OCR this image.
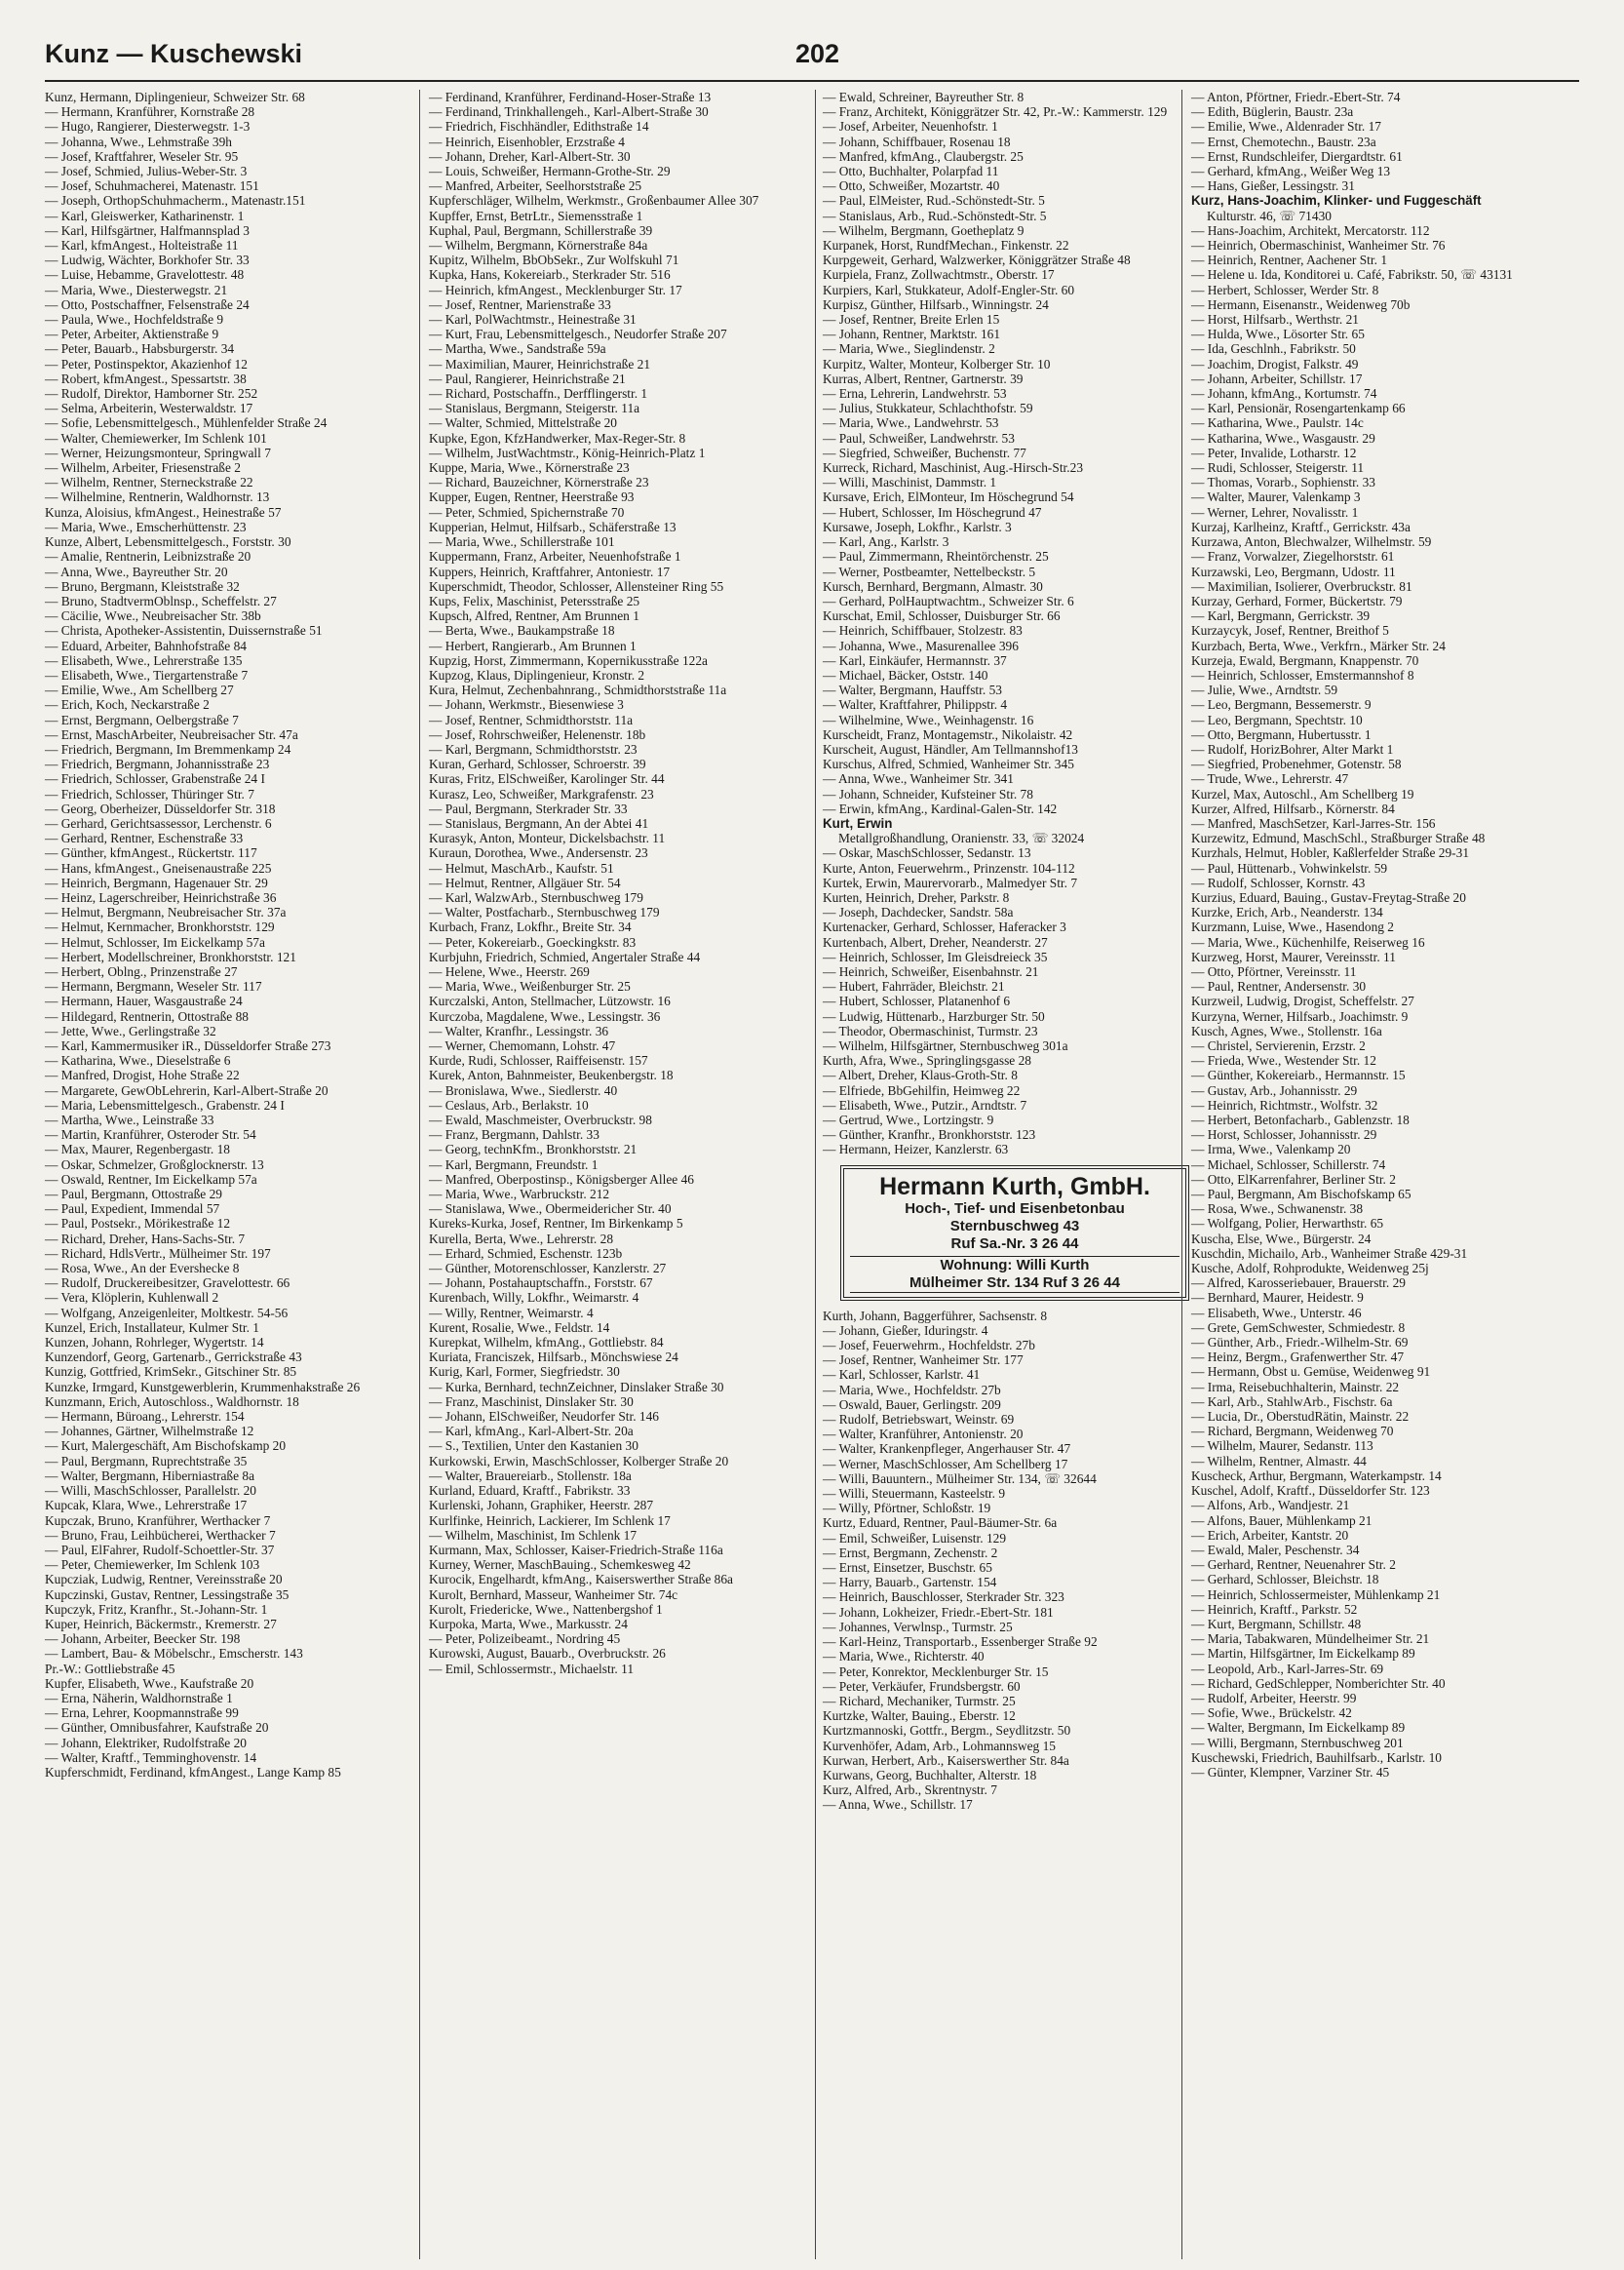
Kunz — Kuschewski	202
Kunz, Hermann, Diplingenieur, Schweizer Str. 68
— Hermann, Kranführer, Kornstraße 28
— Hugo, Rangierer, Diesterwegstr. 1-3
— Johanna, Wwe., Lehmstraße 39h
— Josef, Kraftfahrer, Weseler Str. 95
— Josef, Schmied, Julius-Weber-Str. 3
— Josef, Schuhmacherei, Matenastr. 151
— Joseph, OrthopSchuhmacherm., Matenastr.151
— Karl, Gleiswerker, Katharinenstr. 1
— Karl, Hilfsgärtner, Halfmannsplad 3
— Karl, kfmAngest., Holteistraße 11
— Ludwig, Wächter, Borkhofer Str. 33
— Luise, Hebamme, Gravelottestr. 48
— Maria, Wwe., Diesterwegstr. 21
— Otto, Postschaffner, Felsenstraße 24
— Paula, Wwe., Hochfeldstraße 9
— Peter, Arbeiter, Aktienstraße 9
— Peter, Bauarb., Habsburgerstr. 34
— Peter, Postinspektor, Akazienhof 12
— Robert, kfmAngest., Spessartstr. 38
— Rudolf, Direktor, Hamborner Str. 252
— Selma, Arbeiterin, Westerwaldstr. 17
— Sofie, Lebensmittelgesch., Mühlenfelder Straße 24
— Walter, Chemiewerker, Im Schlenk 101
— Werner, Heizungsmonteur, Springwall 7
— Wilhelm, Arbeiter, Friesenstraße 2
— Wilhelm, Rentner, Sterneckstraße 22
— Wilhelmine, Rentnerin, Waldhornstr. 13
Kunza, Aloisius, kfmAngest., Heinestraße 57
— Maria, Wwe., Emscherhüttenstr. 23
Kunze, Albert, Lebensmittelgesch., Forststr. 30
— Amalie, Rentnerin, Leibnizstraße 20
— Anna, Wwe., Bayreuther Str. 20
— Bruno, Bergmann, Kleiststraße 32
— Bruno, StadtvermOblnsp., Scheffelstr. 27
— Cäcilie, Wwe., Neubreisacher Str. 38b
— Christa, Apotheker-Assistentin, Duissernstraße 51
— Eduard, Arbeiter, Bahnhofstraße 84
— Elisabeth, Wwe., Lehrerstraße 135
— Elisabeth, Wwe., Tiergartenstraße 7
— Emilie, Wwe., Am Schellberg 27
— Erich, Koch, Neckarstraße 2
— Ernst, Bergmann, Oelbergstraße 7
— Ernst, MaschArbeiter, Neubreisacher Str. 47a
— Friedrich, Bergmann, Im Bremmenkamp 24
— Friedrich, Bergmann, Johannisstraße 23
— Friedrich, Schlosser, Grabenstraße 24 I
— Friedrich, Schlosser, Thüringer Str. 7
— Georg, Oberheizer, Düsseldorfer Str. 318
— Gerhard, Gerichtsassessor, Lerchenstr. 6
— Gerhard, Rentner, Eschenstraße 33
— Günther, kfmAngest., Rückertstr. 117
— Hans, kfmAngest., Gneisenaustraße 225
— Heinrich, Bergmann, Hagenauer Str. 29
— Heinz, Lagerschreiber, Heinrichstraße 36
— Helmut, Bergmann, Neubreisacher Str. 37a
— Helmut, Kernmacher, Bronkhorststr. 129
— Helmut, Schlosser, Im Eickelkamp 57a
— Herbert, Modellschreiner, Bronkhorststr. 121
— Herbert, Oblng., Prinzenstraße 27
— Hermann, Bergmann, Weseler Str. 117
— Hermann, Hauer, Wasgaustraße 24
— Hildegard, Rentnerin, Ottostraße 88
— Jette, Wwe., Gerlingstraße 32
— Karl, Kammermusiker iR., Düsseldorfer Straße 273
— Katharina, Wwe., Dieselstraße 6
— Manfred, Drogist, Hohe Straße 22
— Margarete, GewObLehrerin, Karl-Albert-Straße 20
— Maria, Lebensmittelgesch., Grabenstr. 24 I
— Martha, Wwe., Leinstraße 33
— Martin, Kranführer, Osteroder Str. 54
— Max, Maurer, Regenbergastr. 18
— Oskar, Schmelzer, Großglocknerstr. 13
— Oswald, Rentner, Im Eickelkamp 57a
— Paul, Bergmann, Ottostraße 29
— Paul, Expedient, Immendal 57
— Paul, Postsekr., Mörikestraße 12
— Richard, Dreher, Hans-Sachs-Str. 7
— Richard, HdlsVertr., Mülheimer Str. 197
— Rosa, Wwe., An der Evershecke 8
— Rudolf, Druckereibesitzer, Gravelottestr. 66
— Vera, Klöplerin, Kuhlenwall 2
— Wolfgang, Anzeigenleiter, Moltkestr. 54-56
Kunzel, Erich, Installateur, Kulmer Str. 1
Kunzen, Johann, Rohrleger, Wygertstr. 14
Kunzendorf, Georg, Gartenarb., Gerrickstraße 43
Kunzig, Gottfried, KrimSekr., Gitschiner Str. 85
Kunzke, Irmgard, Kunstgewerblerin, Krummenhakstraße 26
Kunzmann, Erich, Autoschloss., Waldhornstr. 18
— Hermann, Büroang., Lehrerstr. 154
— Johannes, Gärtner, Wilhelmstraße 12
— Kurt, Malergeschäft, Am Bischofskamp 20
— Paul, Bergmann, Ruprechtstraße 35
— Walter, Bergmann, Hiberniastraße 8a
— Willi, MaschSchlosser, Parallelstr. 20
Kupcak, Klara, Wwe., Lehrerstraße 17
Kupczak, Bruno, Kranführer, Werthacker 7
— Bruno, Frau, Leihbücherei, Werthacker 7
— Paul, ElFahrer, Rudolf-Schoettler-Str. 37
— Peter, Chemiewerker, Im Schlenk 103
Kupcziak, Ludwig, Rentner, Vereinsstraße 20
Kupczinski, Gustav, Rentner, Lessingstraße 35
Kupczyk, Fritz, Kranfhr., St.-Johann-Str. 1
Kuper, Heinrich, Bäckermstr., Kremerstr. 27
— Johann, Arbeiter, Beecker Str. 198
— Lambert, Bau- & Möbelschr., Emscherstr. 143
Pr.-W.: Gottliebstraße 45
Kupfer, Elisabeth, Wwe., Kaufstraße 20
— Erna, Näherin, Waldhornstraße 1
— Erna, Lehrer, Koopmannstraße 99
— Günther, Omnibusfahrer, Kaufstraße 20
— Johann, Elektriker, Rudolfstraße 20
— Walter, Kraftf., Temminghovenstr. 14
Kupferschmidt, Ferdinand, kfmAngest., Lange Kamp 85
— Ferdinand, Kranführer, Ferdinand-Hoser-Straße 13
— Ferdinand, Trinkhallengeh., Karl-Albert-Straße 30
— Friedrich, Fischhändler, Edithstraße 14
— Heinrich, Eisenhobler, Erzstraße 4
— Johann, Dreher, Karl-Albert-Str. 30
— Louis, Schweißer, Hermann-Grothe-Str. 29
— Manfred, Arbeiter, Seelhorststraße 25
Kupferschläger, Wilhelm, Werkmstr., Großenbaumer Allee 307
Kupffer, Ernst, BetrLtr., Siemensstraße 1
Kuphal, Paul, Bergmann, Schillerstraße 39
— Wilhelm, Bergmann, Körnerstraße 84a
Kupitz, Wilhelm, BbObSekr., Zur Wolfskuhl 71
Kupka, Hans, Kokereiarb., Sterkrader Str. 516
— Heinrich, kfmAngest., Mecklenburger Str. 17
— Josef, Rentner, Marienstraße 33
— Karl, PolWachtmstr., Heinestraße 31
— Kurt, Frau, Lebensmittelgesch., Neudorfer Straße 207
— Martha, Wwe., Sandstraße 59a
— Maximilian, Maurer, Heinrichstraße 21
— Paul, Rangierer, Heinrichstraße 21
— Richard, Postschaffn., Derfflingerstr. 1
— Stanislaus, Bergmann, Steigerstr. 11a
— Walter, Schmied, Mittelstraße 20
Kupke, Egon, KfzHandwerker, Max-Reger-Str. 8
— Wilhelm, JustWachtmstr., König-Heinrich-Platz 1
Kuppe, Maria, Wwe., Körnerstraße 23
— Richard, Bauzeichner, Körnerstraße 23
Kupper, Eugen, Rentner, Heerstraße 93
— Peter, Schmied, Spichernstraße 70
Kupperian, Helmut, Hilfsarb., Schäferstraße 13
— Maria, Wwe., Schillerstraße 101
Kuppermann, Franz, Arbeiter, Neuenhofstraße 1
Kuppers, Heinrich, Kraftfahrer, Antoniestr. 17
Kuperschmidt, Theodor, Schlosser, Allensteiner Ring 55
Kups, Felix, Maschinist, Petersstraße 25
Kupsch, Alfred, Rentner, Am Brunnen 1
— Berta, Wwe., Baukampstraße 18
— Herbert, Rangierarb., Am Brunnen 1
Kupzig, Horst, Zimmermann, Kopernikusstraße 122a
Kupzog, Klaus, Diplingenieur, Kronstr. 2
Kura, Helmut, Zechenbahnrang., Schmidthorststraße 11a
— Johann, Werkmstr., Biesenwiese 3
— Josef, Rentner, Schmidthorststr. 11a
— Josef, Rohrschweißer, Helenenstr. 18b
— Karl, Bergmann, Schmidthorststr. 23
Kuran, Gerhard, Schlosser, Schroerstr. 39
Kuras, Fritz, ElSchweißer, Karolinger Str. 44
Kurasz, Leo, Schweißer, Markgrafenstr. 23
— Paul, Bergmann, Sterkrader Str. 33
— Stanislaus, Bergmann, An der Abtei 41
Kurasyk, Anton, Monteur, Dickelsbachstr. 11
Kuraun, Dorothea, Wwe., Andersenstr. 23
— Helmut, MaschArb., Kaufstr. 51
— Helmut, Rentner, Allgäuer Str. 54
— Karl, WalzwArb., Sternbuschweg 179
— Walter, Postfacharb., Sternbuschweg 179
Kurbach, Franz, Lokfhr., Breite Str. 34
— Peter, Kokereiarb., Goeckingkstr. 83
Kurbjuhn, Friedrich, Schmied, Angertaler Straße 44
— Helene, Wwe., Heerstr. 269
— Maria, Wwe., Weißenburger Str. 25
Kurczalski, Anton, Stellmacher, Lützowstr. 16
Kurczoba, Magdalene, Wwe., Lessingstr. 36
— Walter, Kranfhr., Lessingstr. 36
— Werner, Chemomann, Lohstr. 47
Kurde, Rudi, Schlosser, Raiffeisenstr. 157
Kurek, Anton, Bahnmeister, Beukenbergstr. 18
— Bronislawa, Wwe., Siedlerstr. 40
— Ceslaus, Arb., Berlakstr. 10
— Ewald, Maschmeister, Overbruckstr. 98
— Franz, Bergmann, Dahlstr. 33
— Georg, technKfm., Bronkhorststr. 21
— Karl, Bergmann, Freundstr. 1
— Manfred, Oberpostinsp., Königsberger Allee 46
— Maria, Wwe., Warbruckstr. 212
— Stanislawa, Wwe., Obermeidericher Str. 40
Kureks-Kurka, Josef, Rentner, Im Birkenkamp 5
Kurella, Berta, Wwe., Lehrerstr. 28
— Erhard, Schmied, Eschenstr. 123b
— Günther, Motorenschlosser, Kanzlerstr. 27
— Johann, Postahauptschaffn., Forststr. 67
Kurenbach, Willy, Lokfhr., Weimarstr. 4
— Willy, Rentner, Weimarstr. 4
Kurent, Rosalie, Wwe., Feldstr. 14
Kurepkat, Wilhelm, kfmAng., Gottliebstr. 84
Kuriata, Franciszek, Hilfsarb., Mönchswiese 24
Kurig, Karl, Former, Siegfriedstr. 30
— Kurka, Bernhard, technZeichner, Dinslaker Straße 30
— Franz, Maschinist, Dinslaker Str. 30
— Johann, ElSchweißer, Neudorfer Str. 146
— Karl, kfmAng., Karl-Albert-Str. 20a
— S., Textilien, Unter den Kastanien 30
Kurkowski, Erwin, MaschSchlosser, Kolberger Straße 20
— Walter, Brauereiarb., Stollenstr. 18a
Kurland, Eduard, Kraftf., Fabrikstr. 33
Kurlenski, Johann, Graphiker, Heerstr. 287
Kurlfinke, Heinrich, Lackierer, Im Schlenk 17
— Wilhelm, Maschinist, Im Schlenk 17
Kurmann, Max, Schlosser, Kaiser-Friedrich-Straße 116a
Kurney, Werner, MaschBauing., Schemkesweg 42
Kurocik, Engelhardt, kfmAng., Kaiserswerther Straße 86a
Kurolt, Bernhard, Masseur, Wanheimer Str. 74c
Kurolt, Friedericke, Wwe., Nattenbergshof 1
Kurpoka, Marta, Wwe., Markusstr. 24
— Peter, Polizeibeamt., Nordring 45
Kurowski, August, Bauarb., Overbruckstr. 26
— Emil, Schlossermstr., Michaelstr. 11
— Ewald, Schreiner, Bayreuther Str. 8
— Franz, Architekt, Königgrätzer Str. 42, Pr.-W.: Kammerstr. 129
— Josef, Arbeiter, Neuenhofstr. 1
— Johann, Schiffbauer, Rosenau 18
— Manfred, kfmAng., Claubergstr. 25
— Otto, Buchhalter, Polarpfad 11
— Otto, Schweißer, Mozartstr. 40
— Paul, ElMeister, Rud.-Schönstedt-Str. 5
— Stanislaus, Arb., Rud.-Schönstedt-Str. 5
— Wilhelm, Bergmann, Goetheplatz 9
Kurpanek, Horst, RundfMechan., Finkenstr. 22
Kurpgeweit, Gerhard, Walzwerker, Königgrätzer Straße 48
Kurpiela, Franz, Zollwachtmstr., Oberstr. 17
Kurpiers, Karl, Stukkateur, Adolf-Engler-Str. 60
Kurpisz, Günther, Hilfsarb., Winningstr. 24
— Josef, Rentner, Breite Erlen 15
— Johann, Rentner, Marktstr. 161
— Maria, Wwe., Sieglindenstr. 2
Kurpitz, Walter, Monteur, Kolberger Str. 10
Kurras, Albert, Rentner, Gartnerstr. 39
— Erna, Lehrerin, Landwehrstr. 53
— Julius, Stukkateur, Schlachthofstr. 59
— Maria, Wwe., Landwehrstr. 53
— Paul, Schweißer, Landwehrstr. 53
— Siegfried, Schweißer, Buchenstr. 77
Kurreck, Richard, Maschinist, Aug.-Hirsch-Str.23
— Willi, Maschinist, Dammstr. 1
Kursave, Erich, ElMonteur, Im Höschegrund 54
— Hubert, Schlosser, Im Höschegrund 47
Kursawe, Joseph, Lokfhr., Karlstr. 3
— Karl, Ang., Karlstr. 3
— Paul, Zimmermann, Rheintörchenstr. 25
— Werner, Postbeamter, Nettelbeckstr. 5
Kursch, Bernhard, Bergmann, Almastr. 30
— Gerhard, PolHauptwachtm., Schweizer Str. 6
Kurschat, Emil, Schlosser, Duisburger Str. 66
— Heinrich, Schiffbauer, Stolzestr. 83
— Johanna, Wwe., Masurenallee 396
— Karl, Einkäufer, Hermannstr. 37
— Michael, Bäcker, Oststr. 140
— Walter, Bergmann, Hauffstr. 53
— Walter, Kraftfahrer, Philippstr. 4
— Wilhelmine, Wwe., Weinhagenstr. 16
Kurscheidt, Franz, Montagemstr., Nikolaistr. 42
Kurscheit, August, Händler, Am Tellmannshof13
Kurschus, Alfred, Schmied, Wanheimer Str. 345
— Anna, Wwe., Wanheimer Str. 341
— Johann, Schneider, Kufsteiner Str. 78
— Erwin, kfmAng., Kardinal-Galen-Str. 142
Kurt, Erwin
Metallgroßhandlung, Oranienstr. 33, ☏ 32024
— Oskar, MaschSchlosser, Sedanstr. 13
Kurte, Anton, Feuerwehrm., Prinzenstr. 104-112
Kurtek, Erwin, Maurervorarb., Malmedyer Str. 7
Kurten, Heinrich, Dreher, Parkstr. 8
— Joseph, Dachdecker, Sandstr. 58a
Kurtenacker, Gerhard, Schlosser, Haferacker 3
Kurtenbach, Albert, Dreher, Neanderstr. 27
— Heinrich, Schlosser, Im Gleisdreieck 35
— Heinrich, Schweißer, Eisenbahnstr. 21
— Hubert, Fahrräder, Bleichstr. 21
— Hubert, Schlosser, Platanenhof 6
— Ludwig, Hüttenarb., Harzburger Str. 50
— Theodor, Obermaschinist, Turmstr. 23
— Wilhelm, Hilfsgärtner, Sternbuschweg 301a
Kurth, Afra, Wwe., Springlingsgasse 28
— Albert, Dreher, Klaus-Groth-Str. 8
— Elfriede, BbGehilfin, Heimweg 22
— Elisabeth, Wwe., Putzir., Arndtstr. 7
— Gertrud, Wwe., Lortzingstr. 9
— Günther, Kranfhr., Bronkhorststr. 123
— Hermann, Heizer, Kanzlerstr. 63
Hermann Kurth, GmbH.
Hoch-, Tief- und Eisenbetonbau
Sternbuschweg 43
Ruf Sa.-Nr. 3 26 44
Wohnung: Willi Kurth
Mülheimer Str. 134 Ruf 3 26 44
Kurth, Johann, Baggerführer, Sachsenstr. 8
— Johann, Gießer, Iduringstr. 4
— Josef, Feuerwehrm., Hochfeldstr. 27b
— Josef, Rentner, Wanheimer Str. 177
— Karl, Schlosser, Karlstr. 41
— Maria, Wwe., Hochfeldstr. 27b
— Oswald, Bauer, Gerlingstr. 209
— Rudolf, Betriebswart, Weinstr. 69
— Walter, Kranführer, Antonienstr. 20
— Walter, Krankenpfleger, Angerhauser Str. 47
— Werner, MaschSchlosser, Am Schellberg 17
— Willi, Bauuntern., Mülheimer Str. 134, ☏ 32644
— Willi, Steuermann, Kasteelstr. 9
— Willy, Pförtner, Schloßstr. 19
Kurtz, Eduard, Rentner, Paul-Bäumer-Str. 6a
— Emil, Schweißer, Luisenstr. 129
— Ernst, Bergmann, Zechenstr. 2
— Ernst, Einsetzer, Buschstr. 65
— Harry, Bauarb., Gartenstr. 154
— Heinrich, Bauschlosser, Sterkrader Str. 323
— Johann, Lokheizer, Friedr.-Ebert-Str. 181
— Johannes, Verwlnsp., Turmstr. 25
— Karl-Heinz, Transportarb., Essenberger Straße 92
— Maria, Wwe., Richterstr. 40
— Peter, Konrektor, Mecklenburger Str. 15
— Peter, Verkäufer, Frundsbergstr. 60
— Richard, Mechaniker, Turmstr. 25
Kurtzke, Walter, Bauing., Eberstr. 12
Kurtzmannoski, Gottfr., Bergm., Seydlitzstr. 50
Kurvenhöfer, Adam, Arb., Lohmannsweg 15
Kurwan, Herbert, Arb., Kaiserswerther Str. 84a
Kurwans, Georg, Buchhalter, Alterstr. 18
Kurz, Alfred, Arb., Skrentnystr. 7
— Anna, Wwe., Schillstr. 17
— Anton, Pförtner, Friedr.-Ebert-Str. 74
— Edith, Büglerin, Baustr. 23a
— Emilie, Wwe., Aldenrader Str. 17
— Ernst, Chemotechn., Baustr. 23a
— Ernst, Rundschleifer, Diergardtstr. 61
— Gerhard, kfmAng., Weißer Weg 13
— Hans, Gießer, Lessingstr. 31
Kurz, Hans-Joachim, Klinker- und Fuggeschäft
Kulturstr. 46, ☏ 71430
— Hans-Joachim, Architekt, Mercatorstr. 112
— Heinrich, Obermaschinist, Wanheimer Str. 76
— Heinrich, Rentner, Aachener Str. 1
— Helene u. Ida, Konditorei u. Café, Fabrikstr. 50, ☏ 43131
— Herbert, Schlosser, Werder Str. 8
— Hermann, Eisenanstr., Weidenweg 70b
— Horst, Hilfsarb., Werthstr. 21
— Hulda, Wwe., Lösorter Str. 65
— Ida, Geschlnh., Fabrikstr. 50
— Joachim, Drogist, Falkstr. 49
— Johann, Arbeiter, Schillstr. 17
— Johann, kfmAng., Kortumstr. 74
— Karl, Pensionär, Rosengartenkamp 66
— Katharina, Wwe., Paulstr. 14c
— Katharina, Wwe., Wasgaustr. 29
— Peter, Invalide, Lotharstr. 12
— Rudi, Schlosser, Steigerstr. 11
— Thomas, Vorarb., Sophienstr. 33
— Walter, Maurer, Valenkamp 3
— Werner, Lehrer, Novalisstr. 1
Kurzaj, Karlheinz, Kraftf., Gerrickstr. 43a
Kurzawa, Anton, Blechwalzer, Wilhelmstr. 59
— Franz, Vorwalzer, Ziegelhorststr. 61
Kurzawski, Leo, Bergmann, Udostr. 11
— Maximilian, Isolierer, Overbruckstr. 81
Kurzay, Gerhard, Former, Bückertstr. 79
— Karl, Bergmann, Gerrickstr. 39
Kurzaycyk, Josef, Rentner, Breithof 5
Kurzbach, Berta, Wwe., Verkfrn., Märker Str. 24
Kurzeja, Ewald, Bergmann, Knappenstr. 70
— Heinrich, Schlosser, Emstermannshof 8
— Julie, Wwe., Arndtstr. 59
— Leo, Bergmann, Bessemerstr. 9
— Leo, Bergmann, Spechtstr. 10
— Otto, Bergmann, Hubertusstr. 1
— Rudolf, HorizBohrer, Alter Markt 1
— Siegfried, Probenehmer, Gotenstr. 58
— Trude, Wwe., Lehrerstr. 47
Kurzel, Max, Autoschl., Am Schellberg 19
Kurzer, Alfred, Hilfsarb., Körnerstr. 84
— Manfred, MaschSetzer, Karl-Jarres-Str. 156
Kurzewitz, Edmund, MaschSchl., Straßburger Straße 48
Kurzhals, Helmut, Hobler, Kaßlerfelder Straße 29-31
— Paul, Hüttenarb., Vohwinkelstr. 59
— Rudolf, Schlosser, Kornstr. 43
Kurzius, Eduard, Bauing., Gustav-Freytag-Straße 20
Kurzke, Erich, Arb., Neanderstr. 134
Kurzmann, Luise, Wwe., Hasendong 2
— Maria, Wwe., Küchenhilfe, Reiserweg 16
Kurzweg, Horst, Maurer, Vereinsstr. 11
— Otto, Pförtner, Vereinsstr. 11
— Paul, Rentner, Andersenstr. 30
Kurzweil, Ludwig, Drogist, Scheffelstr. 27
Kurzyna, Werner, Hilfsarb., Joachimstr. 9
Kusch, Agnes, Wwe., Stollenstr. 16a
— Christel, Servierenin, Erzstr. 2
— Frieda, Wwe., Westender Str. 12
— Günther, Kokereiarb., Hermannstr. 15
— Gustav, Arb., Johannisstr. 29
— Heinrich, Richtmstr., Wolfstr. 32
— Herbert, Betonfacharb., Gablenzstr. 18
— Horst, Schlosser, Johannisstr. 29
— Irma, Wwe., Valenkamp 20
— Michael, Schlosser, Schillerstr. 74
— Otto, ElKarrenfahrer, Berliner Str. 2
— Paul, Bergmann, Am Bischofskamp 65
— Rosa, Wwe., Schwanenstr. 38
— Wolfgang, Polier, Herwarthstr. 65
Kuscha, Else, Wwe., Bürgerstr. 24
Kuschdin, Michailo, Arb., Wanheimer Straße 429-31
Kusche, Adolf, Rohprodukte, Weidenweg 25j
— Alfred, Karosseriebauer, Brauerstr. 29
— Bernhard, Maurer, Heidestr. 9
— Elisabeth, Wwe., Unterstr. 46
— Grete, GemSchwester, Schmiedestr. 8
— Günther, Arb., Friedr.-Wilhelm-Str. 69
— Heinz, Bergm., Grafenwerther Str. 47
— Hermann, Obst u. Gemüse, Weidenweg 91
— Irma, Reisebuchhalterin, Mainstr. 22
— Karl, Arb., StahlwArb., Fischstr. 6a
— Lucia, Dr., OberstudRätin, Mainstr. 22
— Richard, Bergmann, Weidenweg 70
— Wilhelm, Maurer, Sedanstr. 113
— Wilhelm, Rentner, Almastr. 44
Kuscheck, Arthur, Bergmann, Waterkampstr. 14
Kuschel, Adolf, Kraftf., Düsseldorfer Str. 123
— Alfons, Arb., Wandjestr. 21
— Alfons, Bauer, Mühlenkamp 21
— Erich, Arbeiter, Kantstr. 20
— Ewald, Maler, Peschenstr. 34
— Gerhard, Rentner, Neuenahrer Str. 2
— Gerhard, Schlosser, Bleichstr. 18
— Heinrich, Schlossermeister, Mühlenkamp 21
— Heinrich, Kraftf., Parkstr. 52
— Kurt, Bergmann, Schillstr. 48
— Maria, Tabakwaren, Mündelheimer Str. 21
— Martin, Hilfsgärtner, Im Eickelkamp 89
— Leopold, Arb., Karl-Jarres-Str. 69
— Richard, GedSchlepper, Nomberichter Str. 40
— Rudolf, Arbeiter, Heerstr. 99
— Sofie, Wwe., Brückelstr. 42
— Walter, Bergmann, Im Eickelkamp 89
— Willi, Bergmann, Sternbuschweg 201
Kuschewski, Friedrich, Bauhilfsarb., Karlstr. 10
— Günter, Klempner, Varziner Str. 45
